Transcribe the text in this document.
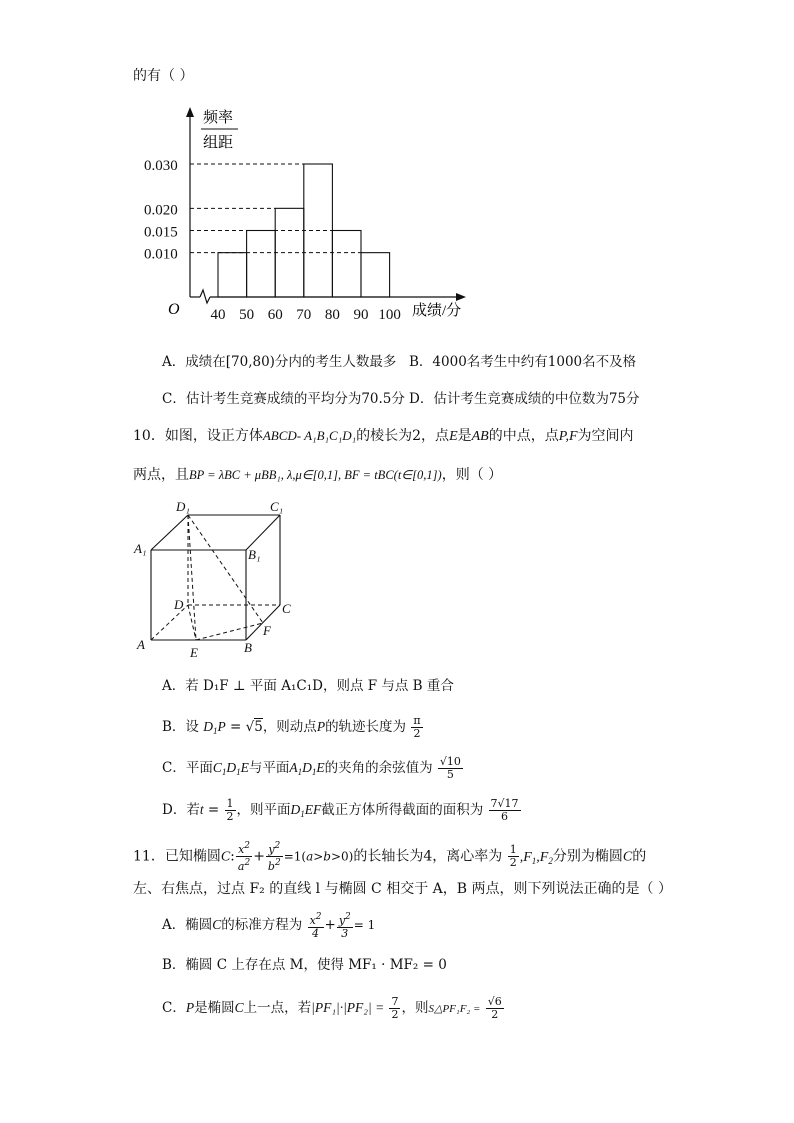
的有（ ）
0.010
0.015
0.020
0.030
40 50 60 70 80 90 100
频率
组距
成绩/分
O
A．成绩在[70,80)分内的考生人数最多 B．4000名考生中约有1000名不及格
C．估计考生竞赛成绩的平均分为70.5分 D．估计考生竞赛成绩的中位数为75分
10．如图，设正方体ABCD- A₁B₁C₁D₁的棱长为2，点E是AB的中点，点P,F为空间内
两点，且BP = λBC + μBB₁, λ,μ∈[0,1], BF = tBC(t∈[0,1])，则（ ）
D₁	C₁
A₁	B₁
D	C
A	B
E
F
A．若 D₁F ⊥ 平面 A₁C₁D，则点 F 与点 B 重合
B．设 $D_1P = √5$，则动点P的轨迹长度为 $\frac{\pi}{2}$
C．平面$C_1D_1E$与平面$A_1D_1E$的夹角的余弦值为 $\frac{√10}{5}$
D．若$t = \frac{1}{2}$ ，则平面$D_1EF$截正方体所得截面的面积为 $\frac{7√17}{6}$
11．已知椭圆C: $\frac{x^2}{a^2} + \frac{y^2}{b^2} =1(a>b>0)$的长轴长为4，离心率为 $\frac{1}{2} ,F_1,F_2$分别为椭圆C的
左、右焦点，过点 F₂ 的直线 l 与椭圆 C 相交于 A，B 两点，则下列说法正确的是（ ）
A．椭圆C的标准方程为 $\frac{x^2}{4} + \frac{y^2}{3} = 1$
B．椭圆 C 上存在点 M，使得 MF₁ · MF₂ = 0
C．P是椭圆C上一点，若$|PF_1|\cdot|PF_2| = \frac{7}{2}$ ，则S△PF₁F₂ = $\frac{√6}{2}$
